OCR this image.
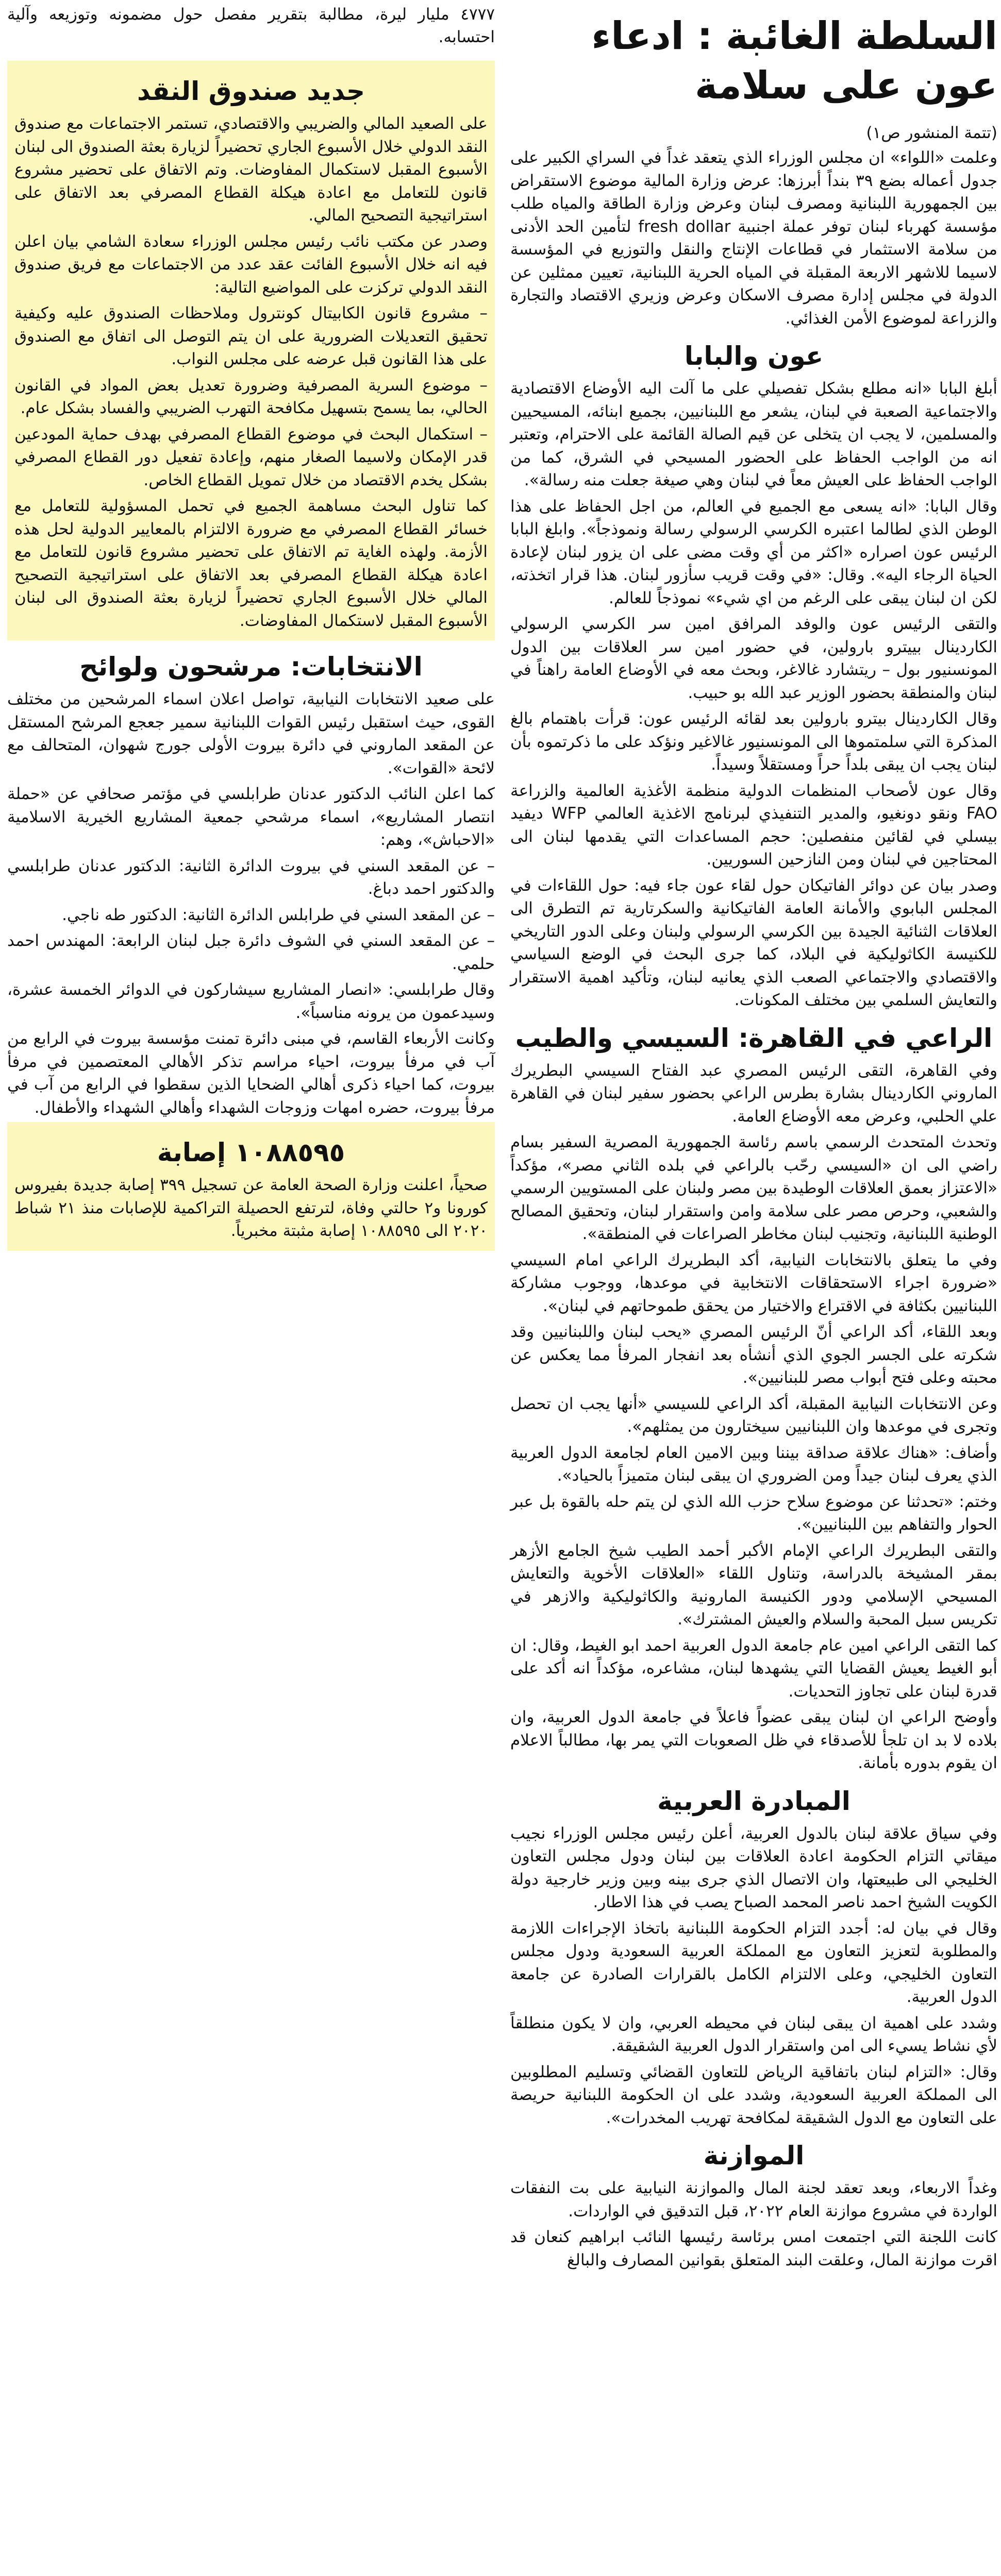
السلطة الغائبة : ادعاء عون على سلامة

(تتمة المنشور ص١)

وعلمت «اللواء» ان مجلس الوزراء الذي يتعقد غداً في السراي الكبير على جدول أعماله بضع ٣٩ بنداً أبرزها: عرض وزارة المالية موضوع الاستقراض بين الجمهورية اللبنانية ومصرف لبنان وعرض وزارة الطاقة والمياه طلب مؤسسة كهرباء لبنان توفر عملة اجنبية fresh dollar لتأمين الحد الأدنى من سلامة الاستثمار في قطاعات الإنتاج والنقل والتوزيع في المؤسسة لاسيما للاشهر الاربعة المقبلة في المياه الحرية اللبنانية، تعيين ممثلين عن الدولة في مجلس إدارة مصرف الاسكان وعرض وزيري الاقتصاد والتجارة والزراعة لموضوع الأمن الغذائي.

عون والبابا

أبلغ البابا «انه مطلع بشكل تفصيلي على ما آلت اليه الأوضاع الاقتصادية والاجتماعية الصعبة في لبنان، يشعر مع اللبنانيين، بجميع ابنائه، المسيحيين والمسلمين، لا يجب ان يتخلى عن قيم الصالة القائمة على الاحترام، وتعتبر انه من الواجب الحفاظ على الحضور المسيحي في الشرق، كما من الواجب الحفاظ على العيش معاً في لبنان وهي صيغة جعلت منه رسالة».

وقال البابا: «انه يسعى مع الجميع في العالم، من اجل الحفاظ على هذا الوطن الذي لطالما اعتبره الكرسي الرسولي رسالة ونموذجاً». وابلغ البابا الرئيس عون اصراره «اكثر من أي وقت مضى على ان يزور لبنان لإعادة الحياة الرجاء اليه». وقال: «في وقت قريب سأزور لبنان. هذا قرار اتخذته، لكن ان لبنان يبقى على الرغم من اي شيء» نموذجاً للعالم.

والتقى الرئيس عون والوفد المرافق امين سر الكرسي الرسولي الكاردينال بييترو بارولين، في حضور امين سر العلاقات بين الدول المونسنيور بول – ريتشارد غالاغر، وبحث معه في الأوضاع العامة راهناً في لبنان والمنطقة بحضور الوزير عبد الله بو حبيب.

وقال الكاردينال بيترو بارولين بعد لقائه الرئيس عون: قرأت باهتمام بالغ المذكرة التي سلمتموها الى المونسنيور غالاغير ونؤكد على ما ذكرتموه بأن لبنان يجب ان يبقى بلداً حراً ومستقلاً وسيداً.

وقال عون لأصحاب المنظمات الدولية منظمة الأغذية العالمية والزراعة FAO ونقو دونغيو، والمدير التنفيذي لبرنامج الاغذية العالمي WFP ديفيد بيسلي في لقائين منفصلين: حجم المساعدات التي يقدمها لبنان الى المحتاجين في لبنان ومن النازحين السوريين.

وصدر بيان عن دوائر الفاتيكان حول لقاء عون جاء فيه: حول اللقاءات في المجلس البابوي والأمانة العامة الفاتيكانية والسكرتارية تم التطرق الى العلاقات الثنائية الجيدة بين الكرسي الرسولي ولبنان وعلى الدور التاريخي للكنيسة الكاثوليكية في البلاد، كما جرى البحث في الوضع السياسي والاقتصادي والاجتماعي الصعب الذي يعانيه لبنان، وتأكيد اهمية الاستقرار والتعايش السلمي بين مختلف المكونات.

الراعي في القاهرة: السيسي والطيب

وفي القاهرة، التقى الرئيس المصري عبد الفتاح السيسي البطريرك الماروني الكاردينال بشارة بطرس الراعي بحضور سفير لبنان في القاهرة علي الحلبي، وعرض معه الأوضاع العامة.

وتحدث المتحدث الرسمي باسم رئاسة الجمهورية المصرية السفير بسام راضي الى ان «السيسي رحّب بالراعي في بلده الثاني مصر»، مؤكداً «الاعتزاز بعمق العلاقات الوطيدة بين مصر ولبنان على المستويين الرسمي والشعبي، وحرص مصر على سلامة وامن واستقرار لبنان، وتحقيق المصالح الوطنية اللبنانية، وتجنيب لبنان مخاطر الصراعات في المنطقة».

وفي ما يتعلق بالانتخابات النيابية، أكد البطريرك الراعي امام السيسي «ضرورة اجراء الاستحقاقات الانتخابية في موعدها، ووجوب مشاركة اللبنانيين بكثافة في الاقتراع والاختيار من يحقق طموحاتهم في لبنان».

وبعد اللقاء، أكد الراعي أنّ الرئيس المصري «يحب لبنان واللبنانيين وقد شكرته على الجسر الجوي الذي أنشأه بعد انفجار المرفأ مما يعكس عن محبته وعلى فتح أبواب مصر للبنانيين».

وعن الانتخابات النيابية المقبلة، أكد الراعي للسيسي «أنها يجب ان تحصل وتجرى في موعدها وان اللبنانيين سيختارون من يمثلهم».

وأضاف: «هناك علاقة صداقة بيننا وبين الامين العام لجامعة الدول العربية الذي يعرف لبنان جيداً ومن الضروري ان يبقى لبنان متميزاً بالحياد».

وختم: «تحدثنا عن موضوع سلاح حزب الله الذي لن يتم حله بالقوة بل عبر الحوار والتفاهم بين اللبنانيين».

والتقى البطريرك الراعي الإمام الأكبر أحمد الطيب شيخ الجامع الأزهر بمقر المشيخة بالدراسة، وتناول اللقاء «العلاقات الأخوية والتعايش المسيحي الإسلامي ودور الكنيسة المارونية والكاثوليكية والازهر في تكريس سبل المحبة والسلام والعيش المشترك».

كما التقى الراعي امين عام جامعة الدول العربية احمد ابو الغيط، وقال: ان أبو الغيط يعيش القضايا التي يشهدها لبنان، مشاعره، مؤكداً انه أكد على قدرة لبنان على تجاوز التحديات.

وأوضح الراعي ان لبنان يبقى عضواً فاعلاً في جامعة الدول العربية، وان بلاده لا بد ان تلجأ للأصدقاء في ظل الصعوبات التي يمر بها، مطالباً الاعلام ان يقوم بدوره بأمانة.

المبادرة العربية

وفي سياق علاقة لبنان بالدول العربية، أعلن رئيس مجلس الوزراء نجيب ميقاتي التزام الحكومة اعادة العلاقات بين لبنان ودول مجلس التعاون الخليجي الى طبيعتها، وان الاتصال الذي جرى بينه وبين وزير خارجية دولة الكويت الشيخ احمد ناصر المحمد الصباح يصب في هذا الاطار.

وقال في بيان له: أجدد التزام الحكومة اللبنانية باتخاذ الإجراءات اللازمة والمطلوبة لتعزيز التعاون مع المملكة العربية السعودية ودول مجلس التعاون الخليجي، وعلى الالتزام الكامل بالقرارات الصادرة عن جامعة الدول العربية.

وشدد على اهمية ان يبقى لبنان في محيطه العربي، وان لا يكون منطلقاً لأي نشاط يسيء الى امن واستقرار الدول العربية الشقيقة.

وقال: «التزام لبنان باتفاقية الرياض للتعاون القضائي وتسليم المطلوبين الى المملكة العربية السعودية، وشدد على ان الحكومة اللبنانية حريصة على التعاون مع الدول الشقيقة لمكافحة تهريب المخدرات».

الموازنة

وغداً الاربعاء، وبعد تعقد لجنة المال والموازنة النيابية على بت النفقات الواردة في مشروع موازنة العام ٢٠٢٢، قبل التدقيق في الواردات.

كانت اللجنة التي اجتمعت امس برئاسة رئيسها النائب ابراهيم كنعان قد اقرت موازنة المال، وعلقت البند المتعلق بقوانين المصارف والبالغ

٤٧٧٧ مليار ليرة، مطالبة بتقرير مفصل حول مضمونه وتوزيعه وآلية احتسابه.

جديد صندوق النقد

على الصعيد المالي والضريبي والاقتصادي، تستمر الاجتماعات مع صندوق النقد الدولي خلال الأسبوع الجاري تحضيراً لزيارة بعثة الصندوق الى لبنان الأسبوع المقبل لاستكمال المفاوضات. وتم الاتفاق على تحضير مشروع قانون للتعامل مع اعادة هيكلة القطاع المصرفي بعد الاتفاق على استراتيجية التصحيح المالي.

وصدر عن مكتب نائب رئيس مجلس الوزراء سعادة الشامي بيان اعلن فيه انه خلال الأسبوع الفائت عقد عدد من الاجتماعات مع فريق صندوق النقد الدولي تركزت على المواضيع التالية:

– مشروع قانون الكابيتال كونترول وملاحظات الصندوق عليه وكيفية تحقيق التعديلات الضرورية على ان يتم التوصل الى اتفاق مع الصندوق على هذا القانون قبل عرضه على مجلس النواب.

– موضوع السرية المصرفية وضرورة تعديل بعض المواد في القانون الحالي، بما يسمح بتسهيل مكافحة التهرب الضريبي والفساد بشكل عام.

– استكمال البحث في موضوع القطاع المصرفي بهدف حماية المودعين قدر الإمكان ولاسيما الصغار منهم، وإعادة تفعيل دور القطاع المصرفي بشكل يخدم الاقتصاد من خلال تمويل القطاع الخاص.

كما تناول البحث مساهمة الجميع في تحمل المسؤولية للتعامل مع خسائر القطاع المصرفي مع ضرورة الالتزام بالمعايير الدولية لحل هذه الأزمة. ولهذه الغاية تم الاتفاق على تحضير مشروع قانون للتعامل مع اعادة هيكلة القطاع المصرفي بعد الاتفاق على استراتيجية التصحيح المالي خلال الأسبوع الجاري تحضيراً لزيارة بعثة الصندوق الى لبنان الأسبوع المقبل لاستكمال المفاوضات.

الانتخابات: مرشحون ولوائح

على صعيد الانتخابات النيابية، تواصل اعلان اسماء المرشحين من مختلف القوى، حيث استقبل رئيس القوات اللبنانية سمير جعجع المرشح المستقل عن المقعد الماروني في دائرة بيروت الأولى جورج شهوان، المتحالف مع لائحة «القوات».

كما اعلن النائب الدكتور عدنان طرابلسي في مؤتمر صحافي عن «حملة انتصار المشاريع»، اسماء مرشحي جمعية المشاريع الخيرية الاسلامية «الاحباش»، وهم:

– عن المقعد السني في بيروت الدائرة الثانية: الدكتور عدنان طرابلسي والدكتور احمد دباغ.

– عن المقعد السني في طرابلس الدائرة الثانية: الدكتور طه ناجي.

– عن المقعد السني في الشوف دائرة جبل لبنان الرابعة: المهندس احمد حلمي.

وقال طرابلسي: «انصار المشاريع سيشاركون في الدوائر الخمسة عشرة، وسيدعمون من يرونه مناسباً».

وكانت الأربعاء القاسم، في مبنى دائرة تمنت مؤسسة بيروت في الرابع من آب في مرفأ بيروت، احياء مراسم تذكر الأهالي المعتصمين في مرفأ بيروت، كما احياء ذكرى أهالي الضحايا الذين سقطوا في الرابع من آب في مرفأ بيروت، حضره امهات وزوجات الشهداء وأهالي الشهداء والأطفال.

١٠٨٨٥٩٥ إصابة

صحياً، اعلنت وزارة الصحة العامة عن تسجيل ٣٩٩ إصابة جديدة بفيروس كورونا و٢ حالتي وفاة، لترتفع الحصيلة التراكمية للإصابات منذ ٢١ شباط ٢٠٢٠ الى ١٠٨٨٥٩٥ إصابة مثبتة مخبرياً.
